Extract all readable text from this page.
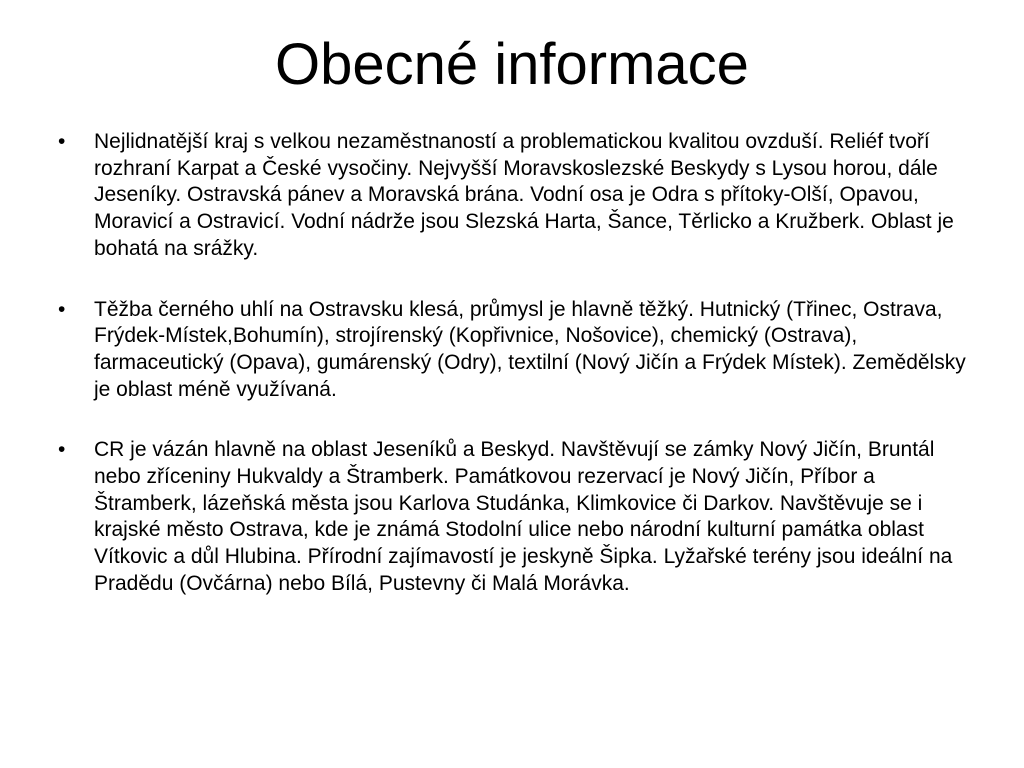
Obecné informace
•	Nejlidnatější kraj s velkou nezaměstnaností a problematickou kvalitou ovzduší. Reliéf tvoří rozhraní Karpat a České vysočiny. Nejvyšší Moravskoslezské Beskydy s Lysou horou, dále Jeseníky. Ostravská pánev a Moravská brána. Vodní osa je Odra s přítoky-Olší, Opavou, Moravicí a Ostravicí. Vodní nádrže jsou Slezská Harta, Šance, Těrlicko a Kružberk. Oblast je bohatá na srážky.
•	Těžba černého uhlí na Ostravsku klesá, průmysl je hlavně těžký. Hutnický (Třinec, Ostrava, Frýdek-Místek,Bohumín), strojírenský (Kopřivnice, Nošovice), chemický (Ostrava), farmaceutický (Opava), gumárenský (Odry), textilní (Nový Jičín a Frýdek Místek). Zemědělsky je oblast méně využívaná.
•	CR je vázán hlavně na oblast Jeseníků a Beskyd. Navštěvují se zámky Nový Jičín, Bruntál nebo zříceniny Hukvaldy a Štramberk. Památkovou rezervací je Nový Jičín, Příbor a Štramberk, lázeňská města jsou Karlova Studánka, Klimkovice či Darkov. Navštěvuje se i krajské město Ostrava, kde je známá Stodolní ulice nebo národní kulturní památka oblast Vítkovic a důl Hlubina. Přírodní zajímavostí je jeskyně Šipka. Lyžařské terény jsou ideální na Pradědu (Ovčárna) nebo Bílá, Pustevny či Malá Morávka.
